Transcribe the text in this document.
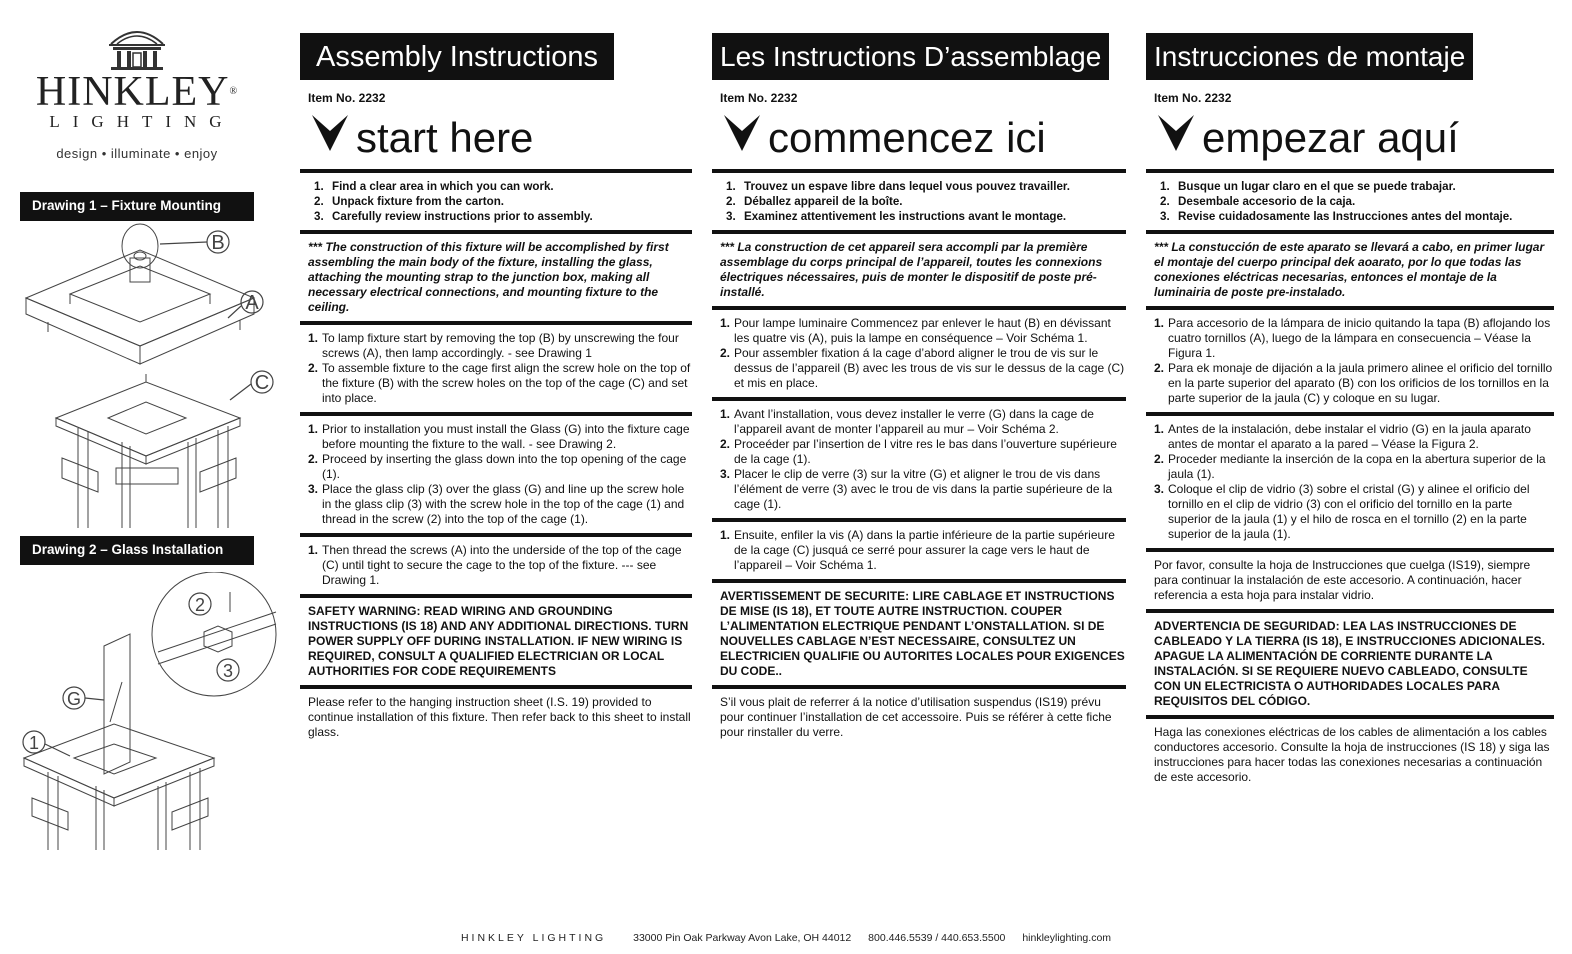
HINKLEY®
LIGHTING
design • illuminate • enjoy
Drawing 1 – Fixture Mounting
B
A
C
Drawing 2 – Glass Installation
2
3
G
1
Assembly Instructions
Item No. 2232
start here
1. Find a clear area in which you can work.
2. Unpack fixture from the carton.
3. Carefully review instructions prior to assembly.
*** The construction of this fixture will be accomplished by first assembling the main body of the fixture, installing the glass, attaching the mounting strap to the junction box, making all necessary electrical connections, and mounting fixture to the ceiling.
1. To lamp fixture start by removing the top (B) by unscrewing the four screws (A), then lamp accordingly. - see Drawing 1
2. To assemble fixture to the cage first align the screw hole on the top of the fixture (B) with the screw holes on the top of the cage (C) and set into place.
1. Prior to installation you must install the Glass (G) into the fixture cage before mounting the fixture to the wall. - see Drawing 2.
2. Proceed by inserting the glass down into the top opening of the cage (1).
3. Place the glass clip (3) over the glass (G) and line up the screw hole in the glass clip (3) with the screw hole in the top of the cage (1) and thread in the screw (2) into the top of the cage (1).
1. Then thread the screws (A) into the underside of the top of the cage (C) until tight to secure the cage to the top of the fixture. --- see Drawing 1.
SAFETY WARNING: READ WIRING AND GROUNDING INSTRUCTIONS (IS 18) AND ANY ADDITIONAL DIRECTIONS. TURN POWER SUPPLY OFF DURING INSTALLATION. IF NEW WIRING IS REQUIRED, CONSULT A QUALIFIED ELECTRICIAN OR LOCAL AUTHORITIES FOR CODE REQUIREMENTS
Please refer to the hanging instruction sheet (I.S. 19) provided to continue installation of this fixture. Then refer back to this sheet to install glass.
Les Instructions D’assemblage
Item No. 2232
commencez ici
1. Trouvez un espave libre dans lequel vous pouvez travailler.
2. Déballez appareil de la boîte.
3. Examinez attentivement les instructions avant le montage.
*** La construction de cet appareil sera accompli par la première assemblage du corps principal de l’appareil, toutes les connexions électriques nécessaires, puis de monter le dispositif de poste pré-installé.
1. Pour lampe luminaire Commencez par enlever le haut (B) en dévissant les quatre vis (A), puis la lampe en conséquence – Voir Schéma 1.
2. Pour assembler fixation á la cage d’abord aligner le trou de vis sur le dessus de l’appareil (B) avec les trous de vis sur le dessus de la cage (C) et mis en place.
1. Avant l’installation, vous devez installer le verre (G) dans la cage de l’appareil avant de monter l’appareil au mur – Voir Schéma 2.
2. Proceéder par l’insertion de l vitre res le bas dans l’ouverture supérieure de la cage (1).
3. Placer le clip de verre (3) sur la vitre (G) et aligner le trou de vis dans l’élément de verre (3) avec le trou de vis dans la partie supérieure de la cage (1).
1. Ensuite, enfiler la vis (A) dans la partie inférieure de la partie supérieure de la cage (C) jusquá ce serré pour assurer la cage vers le haut de l’appareil – Voir Schéma 1.
AVERTISSEMENT DE SECURITE: LIRE CABLAGE ET INSTRUCTIONS DE MISE (IS 18), ET TOUTE AUTRE INSTRUCTION. COUPER L’ALIMENTATION ELECTRIQUE PENDANT L’ONSTALLATION. SI DE NOUVELLES CABLAGE N’EST NECESSAIRE, CONSULTEZ UN ELECTRICIEN QUALIFIE OU AUTORITES LOCALES POUR EXIGENCES DU CODE..
S’il vous plait de referrer á la notice d’utilisation suspendus (IS19) prévu pour continuer l’installation de cet accessoire. Puis se référer à cette fiche pour rinstaller du verre.
Instrucciones de montaje
Item No. 2232
empezar aquí
1. Busque un lugar claro en el que se puede trabajar.
2. Desembale accesorio de la caja.
3. Revise cuidadosamente las Instrucciones antes del montaje.
*** La constucción de este aparato se llevará a cabo, en primer lugar el montaje del cuerpo principal dek aoarato, por lo que todas las conexiones eléctricas necesarias, entonces el montaje de la luminairia de poste pre-instalado.
1. Para accesorio de la lámpara de inicio quitando la tapa (B) aflojando los cuatro tornillos (A), luego de la lámpara en consecuencia – Véase la Figura 1.
2. Para ek monaje de dijación a la jaula primero alinee el orificio del tornillo en la parte superior del aparato (B) con los orificios de los tornillos en la parte superior de la jaula (C) y coloque en su lugar.
1. Antes de la instalación, debe instalar el vidrio (G) en la jaula aparato antes de montar el aparato a la pared – Véase la Figura 2.
2. Proceder mediante la inserción de la copa en la abertura superior de la jaula (1).
3. Coloque el clip de vidrio (3) sobre el cristal (G) y alinee el orificio del tornillo en el clip de vidrio (3) con el orificio del tornillo en la parte superior de la jaula (1) y el hilo de rosca en el tornillo (2) en la parte superior de la jaula (1).
Por favor, consulte la hoja de Instrucciones que cuelga (IS19), siempre para continuar la instalación de este accesorio. A continuación, hacer referencia a esta hoja para instalar vidrio.
ADVERTENCIA DE SEGURIDAD: LEA LAS INSTRUCCIONES DE CABLEADO Y LA TIERRA (IS 18), E INSTRUCCIONES ADICIONALES. APAGUE LA ALIMENTACIÓN DE CORRIENTE DURANTE LA INSTALACIÓN. SI SE REQUIERE NUEVO CABLEADO, CONSULTE CON UN ELECTRICISTA O AUTHORIDADES LOCALES PARA REQUISITOS DEL CÓDIGO.
Haga las conexiones eléctricas de los cables de alimentación a los cables conductores accesorio. Consulte la hoja de instrucciones (IS 18) y siga las instrucciones para hacer todas las conexiones necesarias a continuación de este accesorio.
HINKLEY LIGHTING	33000 Pin Oak Parkway Avon Lake, OH 44012 800.446.5539 / 440.653.5500 hinkleylighting.com
